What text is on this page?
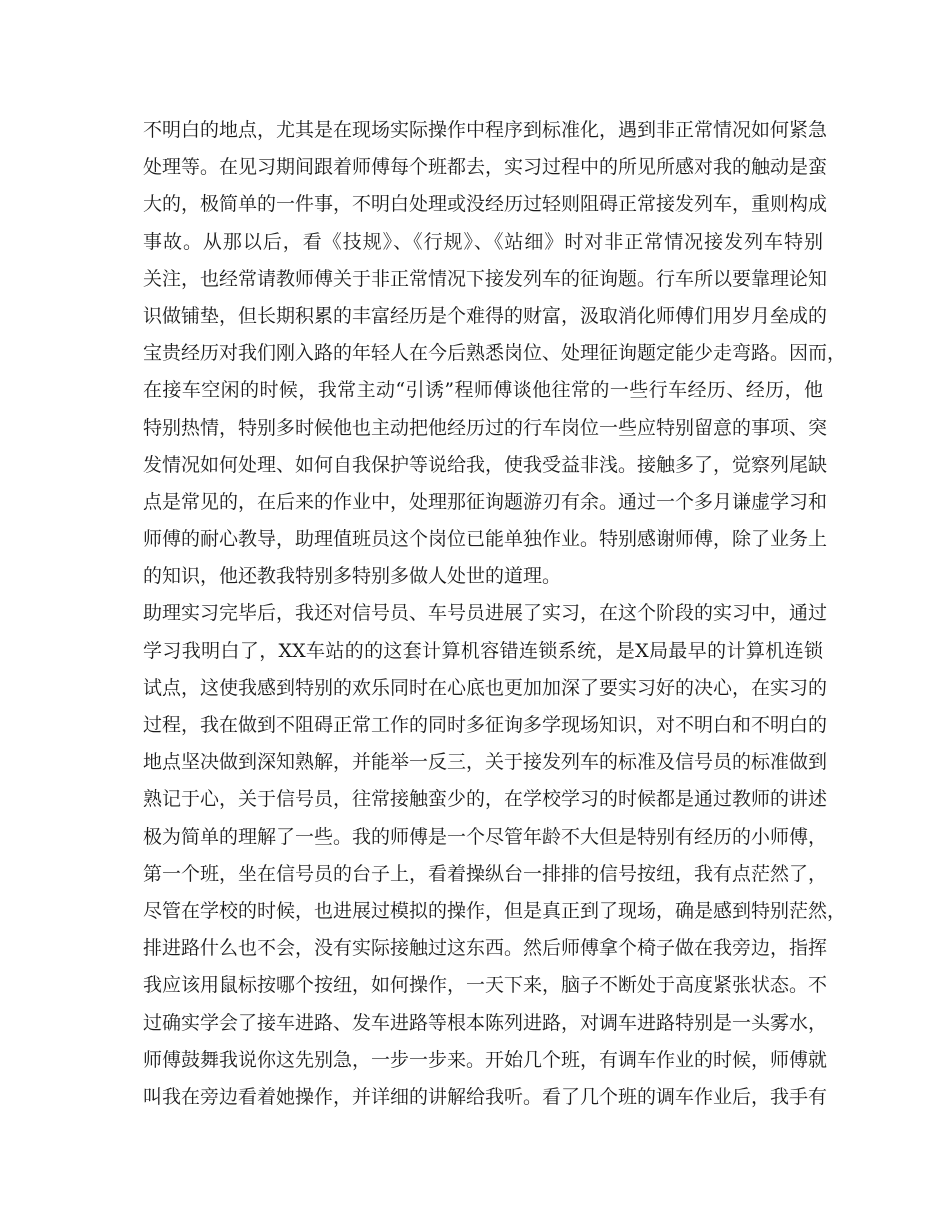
不明白的地点，尤其是在现场实际操作中程序到标准化，遇到非正常情况如何紧急
处理等。在见习期间跟着师傅每个班都去，实习过程中的所见所感对我的触动是蛮
大的，极简单的一件事，不明白处理或没经历过轻则阻碍正常接发列车，重则构成
事故。从那以后，看《技规》、《行规》、《站细》时对非正常情况接发列车特别
关注，也经常请教师傅关于非正常情况下接发列车的征询题。行车所以要靠理论知
识做铺垫，但长期积累的丰富经历是个难得的财富，汲取消化师傅们用岁月垒成的
宝贵经历对我们刚入路的年轻人在今后熟悉岗位、处理征询题定能少走弯路。因而，
在接车空闲的时候，我常主动“引诱”程师傅谈他往常的一些行车经历、经历，他
特别热情，特别多时候他也主动把他经历过的行车岗位一些应特别留意的事项、突
发情况如何处理、如何自我保护等说给我，使我受益非浅。接触多了，觉察列尾缺
点是常见的，在后来的作业中，处理那征询题游刃有余。通过一个多月谦虚学习和
师傅的耐心教导，助理值班员这个岗位已能单独作业。特别感谢师傅，除了业务上
的知识，他还教我特别多特别多做人处世的道理。
助理实习完毕后，我还对信号员、车号员进展了实习，在这个阶段的实习中，通过
学习我明白了，XX车站的的这套计算机容错连锁系统，是X局最早的计算机连锁
试点，这使我感到特别的欢乐同时在心底也更加加深了要实习好的决心，在实习的
过程，我在做到不阻碍正常工作的同时多征询多学现场知识，对不明白和不明白的
地点坚决做到深知熟解，并能举一反三，关于接发列车的标准及信号员的标准做到
熟记于心，关于信号员，往常接触蛮少的，在学校学习的时候都是通过教师的讲述
极为简单的理解了一些。我的师傅是一个尽管年龄不大但是特别有经历的小师傅，
第一个班，坐在信号员的台子上，看着操纵台一排排的信号按纽，我有点茫然了，
尽管在学校的时候，也进展过模拟的操作，但是真正到了现场，确是感到特别茫然，
排进路什么也不会，没有实际接触过这东西。然后师傅拿个椅子做在我旁边，指挥
我应该用鼠标按哪个按纽，如何操作，一天下来，脑子不断处于高度紧张状态。不
过确实学会了接车进路、发车进路等根本陈列进路，对调车进路特别是一头雾水，
师傅鼓舞我说你这先别急，一步一步来。开始几个班，有调车作业的时候，师傅就
叫我在旁边看着她操作，并详细的讲解给我听。看了几个班的调车作业后，我手有
